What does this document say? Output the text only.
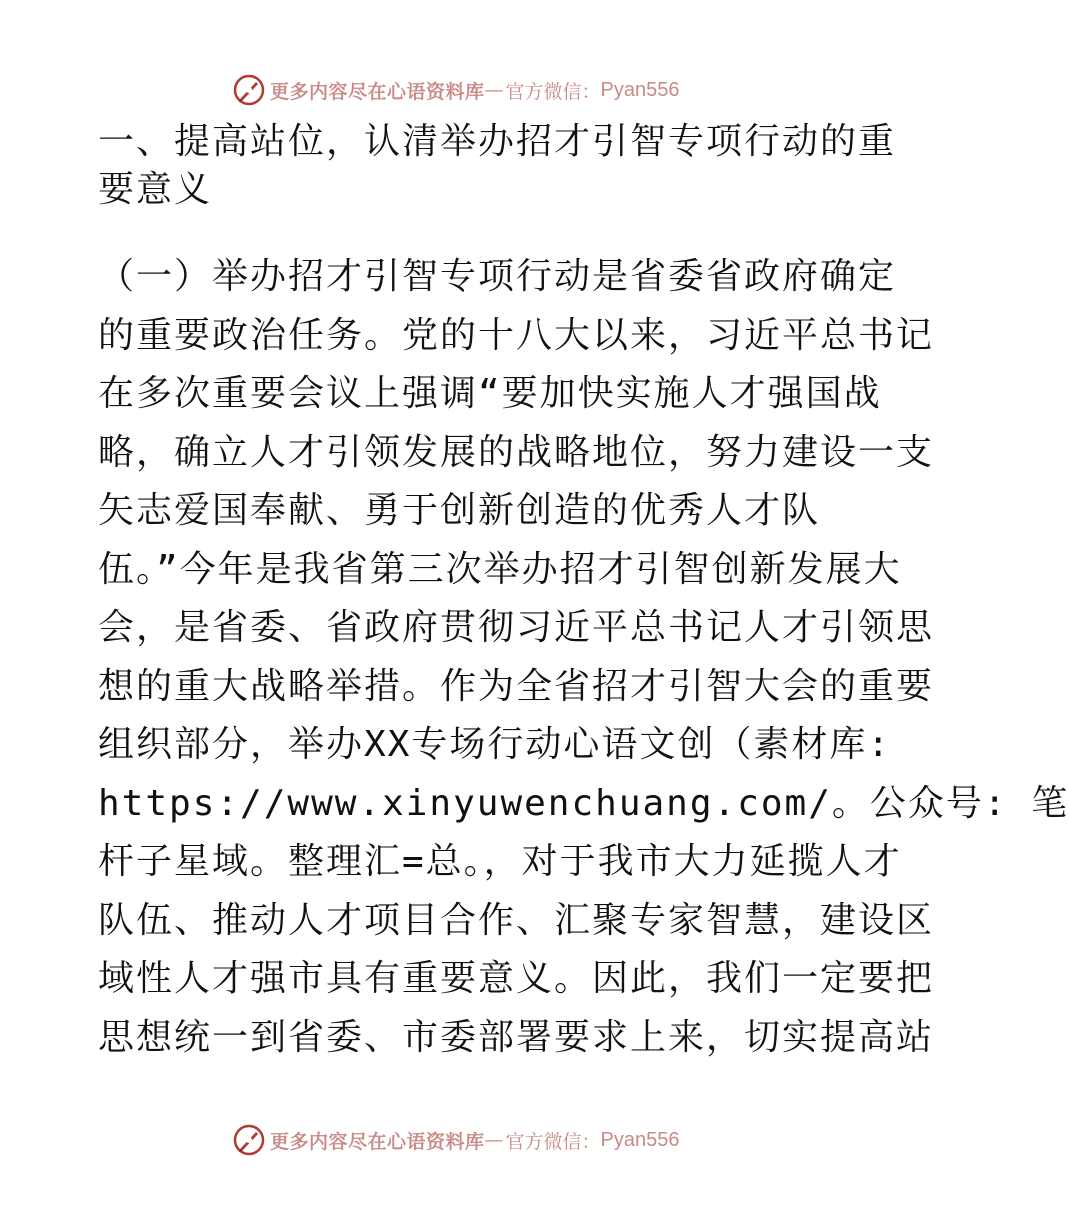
更多内容尽在心语资料库 — 官方微信： Pyan556
一、提高站位，认清举办招才引智专项行动的重
要意义
（一）举办招才引智专项行动是省委省政府确定
的重要政治任务。党的十八大以来，习近平总书记
在多次重要会议上强调“要加快实施人才强国战
略，确立人才引领发展的战略地位，努力建设一支
矢志爱国奉献、勇于创新创造的优秀人才队
伍。”今年是我省第三次举办招才引智创新发展大
会，是省委、省政府贯彻习近平总书记人才引领思
想的重大战略举措。作为全省招才引智大会的重要
组织部分，举办XX专场行动心语文创（素材库:
https://www.xinyuwenchuang.com/。公众号: 笔
杆子星域。整理汇=总。，对于我市大力延揽人才
队伍、推动人才项目合作、汇聚专家智慧，建设区
域性人才强市具有重要意义。因此，我们一定要把
思想统一到省委、市委部署要求上来，切实提高站
更多内容尽在心语资料库 — 官方微信： Pyan556
